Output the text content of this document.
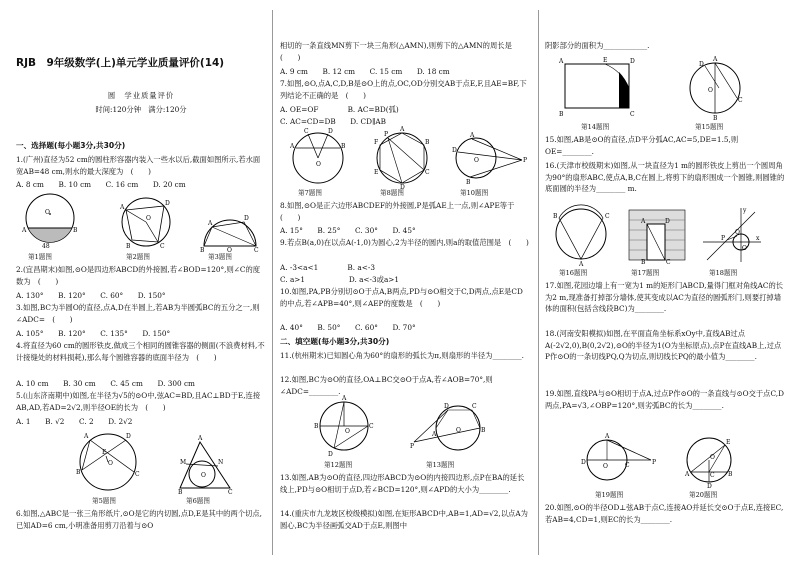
RJB　9年级数学(上)单元学业质量评价(14)
圆　学业质量评价
时间:120分钟　满分:120分
一、选择题(每小题3分,共30分)
1.(广州)直径为52 cm的圆柱形容器内装入一些水以后,截面如图所示,若水面宽AB=48 cm,则水的最大深度为　(　　)
A. 8 cm　　B. 10 cm　　C. 16 cm　　D. 20 cm
O
A	B
48
第1题图
A
D
C
B
O
第2题图
B	C
O
A
D
第3题图
2.(宜昌期末)如图,⊙O是四边形ABCD的外接圆,若∠BOD=120°,则∠C的度数为　(　　)
A. 130°　　B. 120°　　C. 60°　　D. 150°
3.如图,BC为半圆O的直径,点A,D在半圆上,若AB为半圆弧BC的五分之一,则∠ADC=　(　　)
A. 105°　　B. 120°　　C. 135°　　D. 150°
4.将直径为60 cm的圆形铁皮,做成三个相同的圆锥容器的侧面(不浪费材料,不计接缝处的材料损耗),那么每个圆锥容器的底面半径为　(　　)
A. 10 cm　　B. 30 cm　　C. 45 cm　　D. 300 cm
5.(山东济南期中)如图,在半径为√5的⊙O中,弦AC=BD,且AC⊥BD于E,连接AB,AD,若AD=2√2,则半径OE的长为　(　　)
A. 1　　B. √2　　C. 2　　D. 2√2
A	D
B	C
O
E
第5题图
A
B	C
M	N
O
第6题图
6.如图,△ABC是一张三角形纸片,⊙O是它的内切圆,点D,E是其中的两个切点,已知AD=6 cm,小明准备用剪刀沿着与⊙O
相切的一条直线MN剪下一块三角形(△AMN),则剪下的△AMN的周长是　(　　)
A. 9 cm　　B. 12 cm　　C. 15 cm　　D. 18 cm
7.如图,⊙O,点A,C,D,B是⊙O上的点,OC,OD分别交AB于点E,F,且AE=BF,下列结论不正确的是　(　　)
A. OE=OF　　　　B. AC=BD(弧)
C. AC=CD=DB　　D. CD∥AB
A	B
C	D
O
第7题图
P
A
B
C
D
E
F
第8题图
A
B
P
D
O
第10题图
8.如图,⊙O是正六边形ABCDEF的外接圆,P是弧AE上一点,则∠APE等于　(　　)
A. 15°　　B. 25°　　C. 30°　　D. 45°
9.若点B(a,0)在以点A(-1,0)为圆心,2为半径的圆内,则a的取值范围是　(　　)
A. -3<a<1　　　　B. a<-3
C. a>1　　　　　　D. a<-3或a>1
10.如图,PA,PB分别切⊙O于点A,B两点,PD与⊙O相交于C,D两点,点E是CD的中点,若∠APB=40°,则∠AEP的度数是　(　　)
A. 40°　　B. 50°　　C. 60°　　D. 70°
二、填空题(每小题3分,共30分)
11.(杭州期末)已知圆心角为60°的扇形的弧长为π,则扇形的半径为________.
12.如图,BC为⊙O的直径,OA⊥BC交⊙O于点A,若∠AOB=70°,则∠ADC=________.
A
B	C
D
O
第12题图
P
A
B
C
D
O
第13题图
13.如图,AB为⊙O的直径,四边形ABCD为⊙O的内接四边形,点P在BA的延长线上,PD与⊙O相切于点D,若∠BCD=120°,则∠APD的大小为________.
14.(重庆市九龙坡区校级模拟)如图,在矩形ABCD中,AB=1,AD=√2,以点A为圆心,BC为半径画弧交AD于点E,则图中
阴影部分的面积为____________.
A	E	D
B	C
第14题图
A
B
C
D
O
第15题图
15.如图,AB是⊙O的直径,点D平分弧AC,AC=5,DE=1.5,则OE=________.
16.(天津市校级期末)如图,从一块直径为1 m的圆形铁皮上剪出一个圆周角为90°的扇形ABC,使点A,B,C在圆上,将剪下的扇形围成一个圆锥,则圆锥的底面圆的半径为________ m.
B	C
A
第16题图
A	D
B	C
第17题图
x
y
O
P
Q
第18题图
17.如图,花园边墙上有一宽为1 m的矩形门ABCD,量得门框对角线AC的长为2 m,现准备打掉部分墙体,使其变成以AC为直径的圆弧形门,则要打掉墙体的面积(包括含线段BC)为________.
18.(河南安阳模拟)如图,在平面直角坐标系xOy中,直线AB过点A(-2√2,0),B(0,2√2),⊙O的半径为1(O为坐标原点),点P在直线AB上,过点P作⊙O的一条切线PQ,Q为切点,则切线长PQ的最小值为________.
19.如图,直线PA与⊙O相切于点A,过点P作⊙O的一条直线与⊙O交于点C,D两点,PA=√3,∠OBP=120°,则劣弧BC的长为________.
A
P
O	C
D
第19题图
A	B
C
D
E
O
第20题图
20.如图,⊙O的半径OD⊥弦AB于点C,连接AO并延长交⊙O于点E,连接EC,若AB=4,CD=1,则EC的长为________.
